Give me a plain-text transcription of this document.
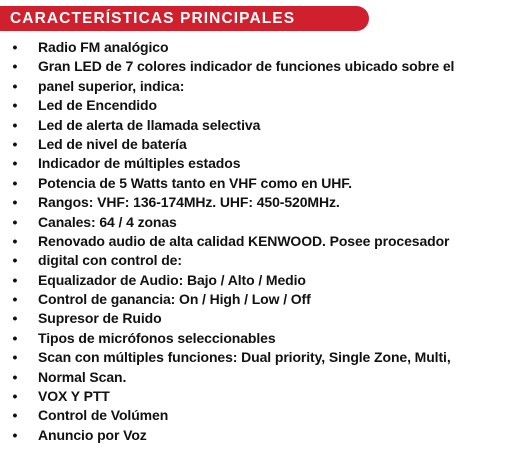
CARACTERÍSTICAS PRINCIPALES
• Radio FM analógico
• Gran LED de 7 colores indicador de funciones ubicado sobre el
• panel superior, indica:
• Led de Encendido
• Led de alerta de llamada selectiva
• Led de nivel de batería
• Indicador de múltiples estados
• Potencia de 5 Watts tanto en VHF como en UHF.
• Rangos: VHF: 136-174MHz. UHF: 450-520MHz.
• Canales: 64 / 4 zonas
• Renovado audio de alta calidad KENWOOD. Posee procesador
• digital con control de:
• Equalizador de Audio: Bajo / Alto / Medio
• Control de ganancia: On / High / Low / Off
• Supresor de Ruido
• Tipos de micrófonos seleccionables
• Scan con múltiples funciones: Dual priority, Single Zone, Multi,
• Normal Scan.
• VOX Y PTT
• Control de Volúmen
• Anuncio por Voz
